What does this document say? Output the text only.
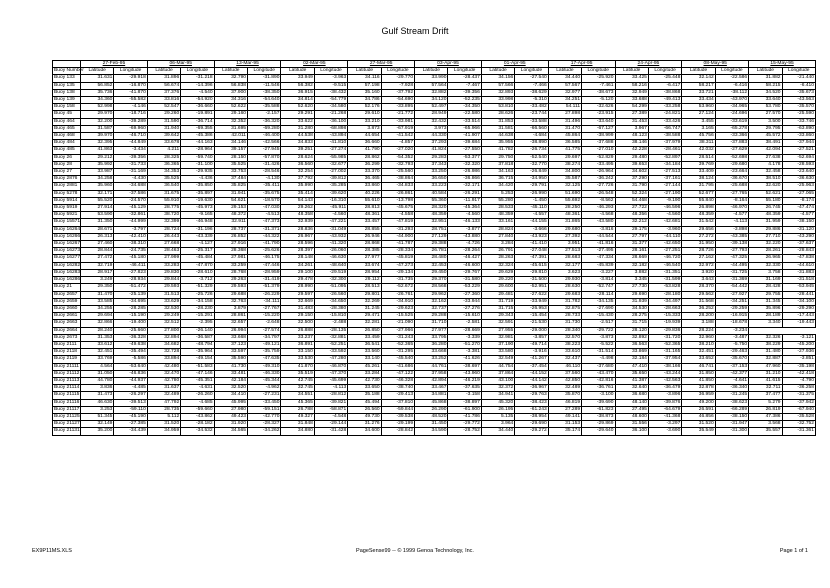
Gulf Stream Drift
	27-Feb-95		06-Mar-95		13-Mar-95		02-Mar-95		27-Mar-95		03-Apr-95		01-Apr-95		17-Apr-95		24-Apr-95		08-May-95		15-May-95	
Buoy Number	Latitude	Longitude	Latitude	Longitude	Latitude	Longitude	Latitude	Longitude	Latitude	Longitude	Latitude	Longitude	Latitude	Longitude	Latitude	Longitude	Latitude	Longitude	Latitude	Longitude	Latitude	Longitude
Buoy 133	31.631	-29.918	31.896	-31.218	32.790	-31.890	33.949	-3.963	34.116	-29.770	33.990	-28.437	34.156	-27.540	34.440	-25.920	33.425	-25.448	32.142	-22.586	31.882	-21.440
Buoy 135	56.852	-16.870	56.674	-14.396	56.838	-11.546	56.382	-9.515	57.198	-7.928	57.564	-7.467	57.566	-7.466	57.567	-7.461	58.216	-6.417	58.217	-6.416	58.215	-6.410
Buoy 138	35.736	-41.870	37.376	-4.540	37.900	-38.350	36.915	-38.432	35.160	-37.792	32.882	-39.356	32.893	-38.629	32.977	-38.673	32.949	-38.868	33.721	-38.112	34.520	-35.673
Buoy 139	34.360	-55.582	33.816	-54.920	34.316	-54.640	34.814	-54.779	34.786	-54.690	34.120	-52.235	33.998	-5.310	34.251	-5.120	33.688	-49.413	33.434	-43.970	33.640	-43.563
Buoy 158	52.998	-4.146	52.547	-36.660	52.622	-35.588	52.620	-34.580	52.176	-33.895	52.497	-34.350	53.810	-33.482	54.111	-32.626	54.299	-33.258	53.960	-34.965	53.780	-35.570
Buoy 45	29.970	-18.716	29.260	-19.891	29.160	-2.157	29.291	-21.268	29.610	-21.772	28.949	-22.580	28.626	-23.744	27.898	-23.915	27.389	-24.821	27.124	-24.696	27.570	-25.590
Buoy 464	32.200	-39.289	31.590	-36.714	32.352	-36.320	33.622	-36.100	33.210	-33.981	32.432	-33.514	31.853	-33.588	31.496	-33.640	31.453	-33.426	3.455	-33.619	3.500	-33.746
Buoy 465	31.587	-69.960	31.940	-69.355	31.695	-69.280	31.280	-68.898	3.873	-67.919	3.973	-65.966	31.581	-66.560	31.470	-67.127	3.967	-66.747	3.165	-65.278	29.795	-63.890
Buoy 468	39.970	-46.710	39.642	-45.386	42.011	-46.400	44.538	-43.894	44.654	-41.542	44.330	-41.907	44.638	-4.684	45.864	-38.999	48.123	-38.588	45.756	-33.366	45.572	-33.860
Buoy 484	32.395	-44.849	33.678	-44.163	34.146	-42.566	34.833	-41.810	36.660	-4.857	37.293	-39.684	35.955	-38.890	36.585	-37.688	38.146	-37.979	38.311	-37.883	38.491	-37.944
Buoy 485	41.863	-3.434	4.211	-28.964	39.157	-27.945	39.251	-27.274	41.790	-27.020	41.824	-27.550	41.782	-26.734	41.775	-27.010	42.228	-28.461	42.032	-27.629	42.094	-27.521
Buoy 26	29.212	-39.356	28.325	-59.740	28.150	-57.870	28.624	-55.985	28.862	-54.352	29.283	-53.377	29.750	-52.540	29.697	-52.829	29.480	-52.897	28.514	-52.698	27.638	-52.694
Buoy 28	35.992	-31.733	36.365	-31.100	35.525	-31.426	36.560	-32.677	36.299	-32.793	37.343	-32.320	37.818	-32.770	38.274	-33.495	39.653	-34.184	39.769	-29.680	4.178	-28.593
Buoy 27	33.987	-31.169	34.353	-29.935	33.753	-28.546	32.254	-27.002	33.370	-25.560	33.250	-26.986	34.163	-26.849	34.800	-26.964	34.602	-27.513	33.409	-23.664	32.458	-23.640
Buoy 2876	34.258	-4.430	35.525	-4.436	37.484	-4.130	37.792	-39.812	36.465	-38.864	36.650	-36.866	36.715	-34.950	35.587	-36.242	37.290	-37.161	38.124	-36.670	38.510	-36.630
Buoy 2881	35.960	-34.688	36.540	-35.850	35.825	-35.411	35.990	-35.285	33.860	-34.833	33.223	-32.171	34.420	-29.791	32.125	-27.726	31.790	-27.144	31.795	-25.688	32.620	-25.963
Buoy 5278	32.171	-37.586	31.675	-35.897	31.941	-35.675	35.414	-39.620	40.226	-26.861	40.584	-26.291	5.253	-26.990	51.690	-26.548	52.324	-27.190	52.677	-27.765	52.621	-27.065
Buoy 5914	55.520	-24.570	55.910	-19.630	54.621	-18.570	54.143	-16.310	55.610	-13.798	55.360	-11.917	55.280	-1.450	55.692	-8.562	54.468	-9.190	55.840	-8.164	55.180	-8.174
Buoy 5919	27.914	-45.129	28.775	-45.973	29.153	-47.030	29.262	-45.911	28.813	-45.675	28.320	-45.364	28.533	-45.110	28.250	-46.293	27.722	-46.596	26.898	-46.970	26.745	-47.474
Buoy 5921	53.590	-32.861	38.720	-9.165	48.372	-4.513	48.358	-4.560	48.361	-4.558	48.359	-4.560	48.359	-4.557	48.361	-4.568	48.356	-4.560	48.359	-4.577	48.359	-4.577
Buoy 15571	31.350	-44.999	32.399	-46.948	32.911	-47.373	32.939	-47.221	33.457	-47.819	32.951	-46.133	33.161	-44.155	31.865	-43.580	32.212	-42.681	31.542	-4.113	31.959	-38.150
Buoy 16264	28.671	-3.797	28.724	-31.196	28.737	-31.371	28.836	-31.049	28.855	-31.293	28.751	-3.877	28.824	-3.666	29.680	-3.816	29.175	-3.960	29.656	-3.898	29.886	-31.120
Buoy 16266	26.313	-42.410	26.443	-43.339	26.852	-44.322	26.967	-43.932	26.946	-44.900	27.129	-43.880	27.840	-43.923	27.392	-44.544	27.797	-44.110	27.272	-43.385	27.710	-43.290
Buoy 16267	27.460	-38.310	27.668	-4.127	27.916	-41.790	28.596	-41.320	28.868	-41.787	29.388	-4.726	3.284	-41.410	3.951	-41.816	31.377	-42.650	31.950	-39.138	32.220	-37.637
Buoy 16273	28.844	-24.735	28.463	-25.317	28.368	-25.626	28.397	-26.060	28.385	-28.334	26.781	-28.264	26.791	-27.048	27.513	-27.495	28.161	-27.251	28.726	-27.793	28.261	-28.843
Buoy 16277	27.472	-45.180	27.999	-45.484	27.981	-46.175	28.148	-46.630	27.977	-45.819	28.480	-46.427	28.263	-47.391	28.683	-47.334	28.669	-46.720	27.162	-47.325	26.965	-47.838
Buoy 16282	32.719	-46.411	33.283	-47.870	33.259	-47.446	34.261	-48.640	33.674	-47.273	32.453	-46.600	32.324	-45.615	32.177	-45.839	32.182	-46.540	32.972	-44.495	32.330	-44.610
Buoy 16283	28.917	-27.823	29.830	-28.610	28.768	-28.959	29.100	-29.519	28.954	-29.134	29.450	-29.767	29.629	-29.810	3.623	-3.227	3.882	-31.351	3.920	-31.725	3.758	-31.883
Buoy 16286	3.249	-28.934	29.844	-3.712	29.263	-31.419	29.478	-32.300	29.112	-31.735	29.370	-31.580	29.220	-31.500	29.930	-3.814	3.345	-31.599	3.643	-31.369	31.169	-31.518
Buoy 21	29.350	-51.472	29.593	-51.329	29.593	-51.379	28.990	-51.095	28.513	-52.672	28.568	-53.229	29.600	-52.951	28.630	-52.747	27.730	-53.828	28.370	-54.442	28.428	-53.945
Buoy 2657	31.470	-25.139	31.513	-25.726	29.688	-26.229	29.597	-26.560	29.801	-26.761	29.962	-27.360	29.481	-27.622	29.683	-28.114	29.690	-28.180	29.562	-27.927	29.755	-28.441
Buoy 2659	33.585	-34.695	33.629	-34.158	32.763	-34.111	32.669	-34.650	32.269	-34.910	32.162	-33.944	31.719	-33.949	31.782	-34.135	31.939	-34.497	31.568	-34.251	31.345	-34.100
Buoy 2660	34.255	-28.285	32.530	-28.230	3.879	-27.767	31.483	-28.380	31.245	-29.623	32.737	-27.276	31.715	-26.953	32.875	-27.690	34.530	-28.663	36.252	-29.259	35.896	-29.290
Buoy 2661	29.694	-15.190	29.249	-15.291	28.861	-15.220	29.150	-15.810	29.471	-15.525	29.288	-15.610	29.343	-15.454	28.733	-15.430	28.275	-15.333	28.200	-16.915	28.189	-17.443
Buoy 2663	32.866	-19.400	32.512	-2.395	32.657	-2.648	32.500	-2.488	32.281	-21.090	31.710	-2.581	32.591	-21.530	31.730	-2.517	31.715	-19.939	3.188	-18.678	3.340	-19.443
Buoy 2664	28.240	-25.660	27.800	-26.140	26.994	-27.574	26.888	-28.135	26.850	-27.966	27.977	-28.669	27.955	-29.000	28.340	-29.722	28.120	-29.836	28.224	-3.234		
Buoy 2673	31.353	-36.328	32.894	-36.587	33.668	-34.797	33.237	-32.881	33.459	-31.243	33.795	-3.339	32.981	-3.857	32.570	-3.873	32.892	-31.720	32.960	-3.487	32.326	-3.121
Buoy 2111	33.612	-49.638	34.682	-48.794	37.123	-49.121	36.891	-52.251	36.541	-52.365	36.280	-51.270	37.190	-49.714	38.223	-5.522	36.563	-52.365	38.210	-5.750	38.229	-45.200
Buoy 2118	32.451	-35.494	32.728	-35.964	33.597	-35.759	33.150	-33.592	33.560	-31.295	33.668	-3.381	33.580	-3.916	33.610	-31.514	33.869	-31.165	32.451	-29.463	31.480	-27.936
Buoy 2119	33.769	-5.586	33.894	-49.154	35.590	-47.635	33.530	-47.280	33.140	-45.540	33.252	-41.626	32.549	-41.267	32.437	-4.498	32.184	-37.954	33.652	-35.670	32.887	-3.851
Buoy 21111	4.564	-53.640	42.480	-51.583	41.730	-49.310	41.870	-46.870	45.261	-41.686	44.761	-38.697	44.754	-37.454	46.110	-37.680	47.410	-38.166	46.741	-37.153	47.960	-35.198
Buoy 21112	31.050	-46.836	32.470	-47.146	33.481	-46.330	35.519	-47.370	33.284	-47.122	37.958	-43.960	37.864	-44.152	37.560	-43.470	35.650	-43.244	31.850	-42.377	31.210	-42.418
Buoy 21113	44.780	-44.937	42.780	-45.351	42.184	-45.344	42.745	-45.699	42.730	-46.328	42.894	-46.219	43.100	-44.142	42.850	-42.816	41.387	-42.563	41.850	-4.641	41.615	-4.790
Buoy 21114	3.836	-4.485	31.637	-4.631	32.520	-4.962	32.745	-4.113	33.650	-38.740	33.467	-37.635	32.372	-36.967	32.489	-36.761	32.640	-36.479	32.878	-36.340	32.711	-36.258
Buoy 21115	31.473	-26.297	32.489	-26.260	34.410	-27.231	34.551	-28.812	35.188	-29.413	34.881	-3.158	34.941	-29.763	35.870	-3.100	36.680	-3.896	36.959	-31.245	37.477	-31.375
Buoy 21116	46.630	-39.513	47.792	-4.685	45.995	-33.450	45.365	-39.821	45.494	-37.810	45.868	-38.897	45.320	-38.423	46.819	-39.690	48.140	-39.876	49.200	-38.623	5.279	-37.942
Buoy 21117	3.253	-59.110	28.735	-59.660	27.980	-59.151	26.788	-58.871	26.560	-59.844	26.290	-61.900	26.195	-61.243	27.289	-61.823	27.495	-64.679	26.591	-66.289	26.819	-67.940
Buoy 21125	51.345	-45.190	5.112	-43.862	49.423	-42.770	49.327	-4.548	49.730	-39.538	48.520	-41.786	5.135	-38.954	49.141	-38.873	48.600	-41.368	46.856	-38.150	47.386	-35.528
Buoy 21127	32.149	-27.385	31.520	-28.182	31.920	-28.327	31.848	-29.144	31.276	-29.199	31.450	-29.772	3.964	-29.690	31.153	-29.869	31.556	-3.297	31.520	-31.947	3.568	-32.752
Buoy 21131	35.200	-34.439	34.959	-34.532	34.565	-34.262	34.880	-31.428	34.600	-28.842	34.590	-28.752	34.440	-29.272	35.174	-29.640	36.100	-3.690	35.549	-31.300	35.557	-31.361
EX9P11MS.XLS	PageSense99 -- © 1999 Genoa Technology, Inc.	Page 1 of 1
